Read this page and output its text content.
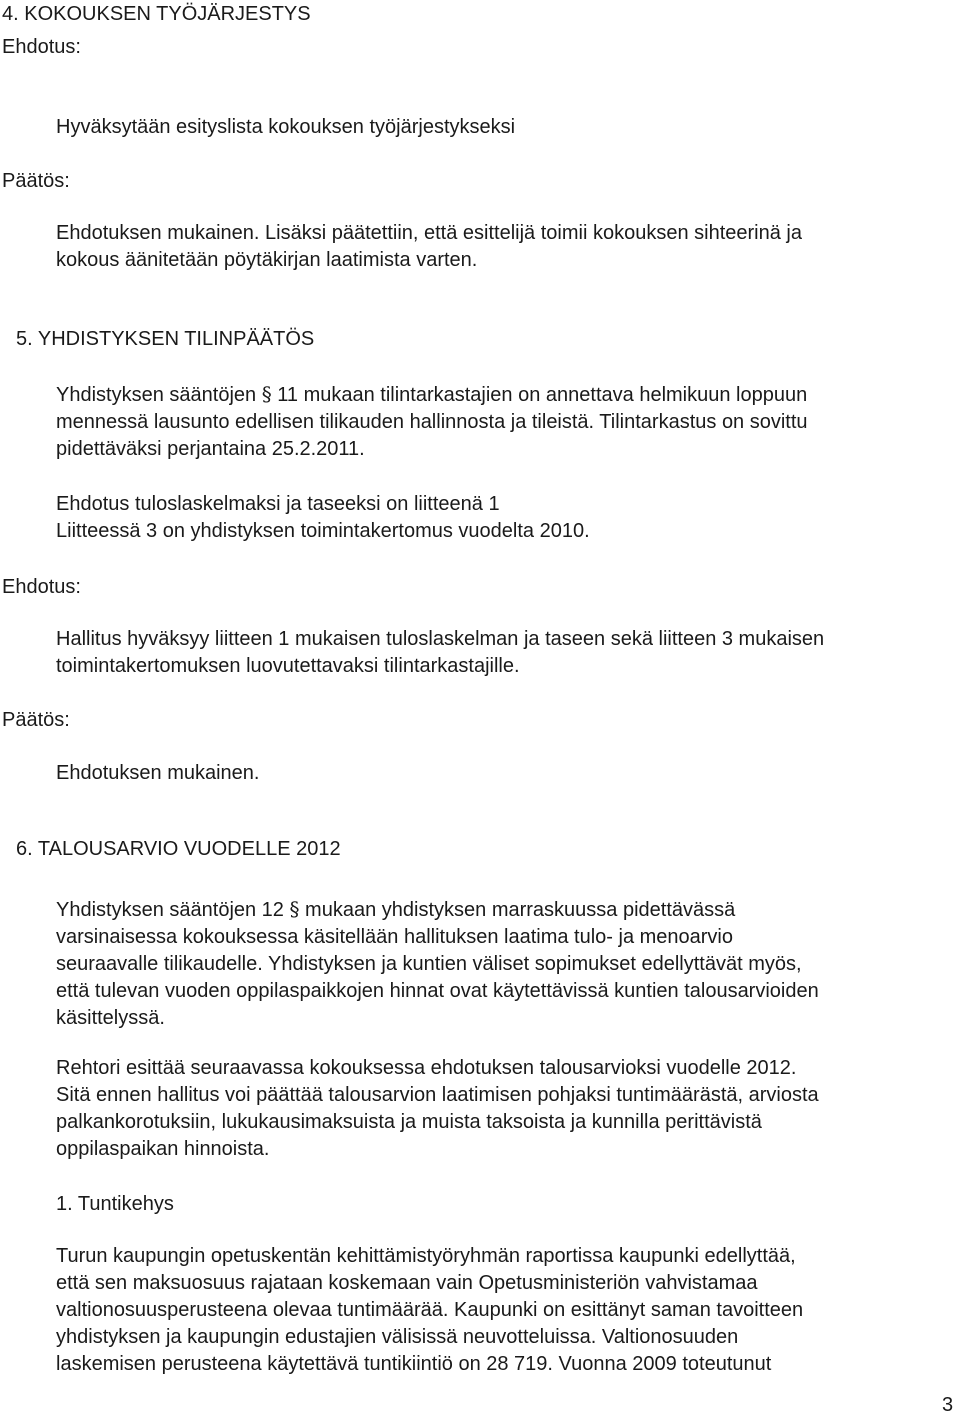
4. KOKOUKSEN TYÖJÄRJESTYS

Ehdotus:

Hyväksytään esityslista kokouksen työjärjestykseksi

Päätös:

Ehdotuksen mukainen. Lisäksi päätettiin, että esittelijä toimii kokouksen sihteerinä ja
kokous äänitetään pöytäkirjan laatimista varten.

5. YHDISTYKSEN TILINPÄÄTÖS

Yhdistyksen sääntöjen § 11 mukaan tilintarkastajien on annettava helmikuun loppuun
mennessä lausunto edellisen tilikauden hallinnosta ja tileistä. Tilintarkastus on sovittu
pidettäväksi perjantaina 25.2.2011.
Ehdotus tuloslaskelmaksi ja taseeksi on liitteenä 1
Liitteessä 3 on yhdistyksen toimintakertomus vuodelta 2010.

Ehdotus:

Hallitus hyväksyy liitteen 1 mukaisen tuloslaskelman ja taseen sekä liitteen 3 mukaisen
toimintakertomuksen luovutettavaksi tilintarkastajille.

Päätös:

Ehdotuksen mukainen.

6. TALOUSARVIO VUODELLE 2012

Yhdistyksen sääntöjen 12 § mukaan yhdistyksen marraskuussa pidettävässä
varsinaisessa kokouksessa käsitellään hallituksen laatima tulo- ja menoarvio
seuraavalle tilikaudelle. Yhdistyksen ja kuntien väliset sopimukset edellyttävät myös,
että tulevan vuoden oppilaspaikkojen hinnat ovat käytettävissä kuntien talousarvioiden
käsittelyssä.
Rehtori esittää seuraavassa kokouksessa ehdotuksen talousarvioksi vuodelle 2012.
Sitä ennen hallitus voi päättää talousarvion laatimisen pohjaksi tuntimäärästä, arviosta
palkankorotuksiin, lukukausimaksuista ja muista taksoista ja kunnilla perittävistä
oppilaspaikan hinnoista.

1. Tuntikehys

Turun kaupungin opetuskentän kehittämistyöryhmän raportissa kaupunki edellyttää,
että sen maksuosuus rajataan koskemaan vain Opetusministeriön vahvistamaa
valtionosuusperusteena olevaa tuntimäärää. Kaupunki on esittänyt saman tavoitteen
yhdistyksen ja kaupungin edustajien välisissä neuvotteluissa. Valtionosuuden
laskemisen perusteena käytettävä tuntikiintiö on 28 719. Vuonna 2009 toteutunut

3
